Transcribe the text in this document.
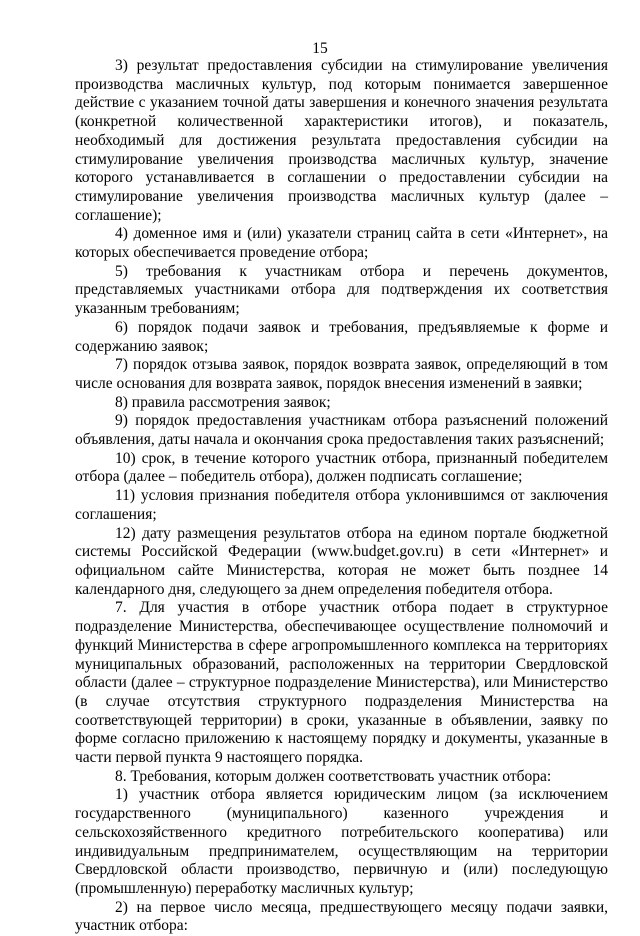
15

3) результат предоставления субсидии на стимулирование увеличения производства масличных культур, под которым понимается завершенное действие с указанием точной даты завершения и конечного значения результата (конкретной количественной характеристики итогов), и показатель, необходимый для достижения результата предоставления субсидии на стимулирование увеличения производства масличных культур, значение которого устанавливается в соглашении о предоставлении субсидии на стимулирование увеличения производства масличных культур (далее – соглашение);

4) доменное имя и (или) указатели страниц сайта в сети «Интернет», на которых обеспечивается проведение отбора;

5) требования к участникам отбора и перечень документов, представляемых участниками отбора для подтверждения их соответствия указанным требованиям;

6) порядок подачи заявок и требования, предъявляемые к форме и содержанию заявок;

7) порядок отзыва заявок, порядок возврата заявок, определяющий в том числе основания для возврата заявок, порядок внесения изменений в заявки;

8) правила рассмотрения заявок;

9) порядок предоставления участникам отбора разъяснений положений объявления, даты начала и окончания срока предоставления таких разъяснений;

10) срок, в течение которого участник отбора, признанный победителем отбора (далее – победитель отбора), должен подписать соглашение;

11) условия признания победителя отбора уклонившимся от заключения соглашения;

12) дату размещения результатов отбора на едином портале бюджетной системы Российской Федерации (www.budget.gov.ru) в сети «Интернет» и официальном сайте Министерства, которая не может быть позднее 14 календарного дня, следующего за днем определения победителя отбора.

7. Для участия в отборе участник отбора подает в структурное подразделение Министерства, обеспечивающее осуществление полномочий и функций Министерства в сфере агропромышленного комплекса на территориях муниципальных образований, расположенных на территории Свердловской области (далее – структурное подразделение Министерства), или Министерство (в случае отсутствия структурного подразделения Министерства на соответствующей территории) в сроки, указанные в объявлении, заявку по форме согласно приложению к настоящему порядку и документы, указанные в части первой пункта 9 настоящего порядка.

8. Требования, которым должен соответствовать участник отбора:

1) участник отбора является юридическим лицом (за исключением государственного (муниципального) казенного учреждения и сельскохозяйственного кредитного потребительского кооператива) или индивидуальным предпринимателем, осуществляющим на территории Свердловской области производство, первичную и (или) последующую (промышленную) переработку масличных культур;

2) на первое число месяца, предшествующего месяцу подачи заявки, участник отбора:
